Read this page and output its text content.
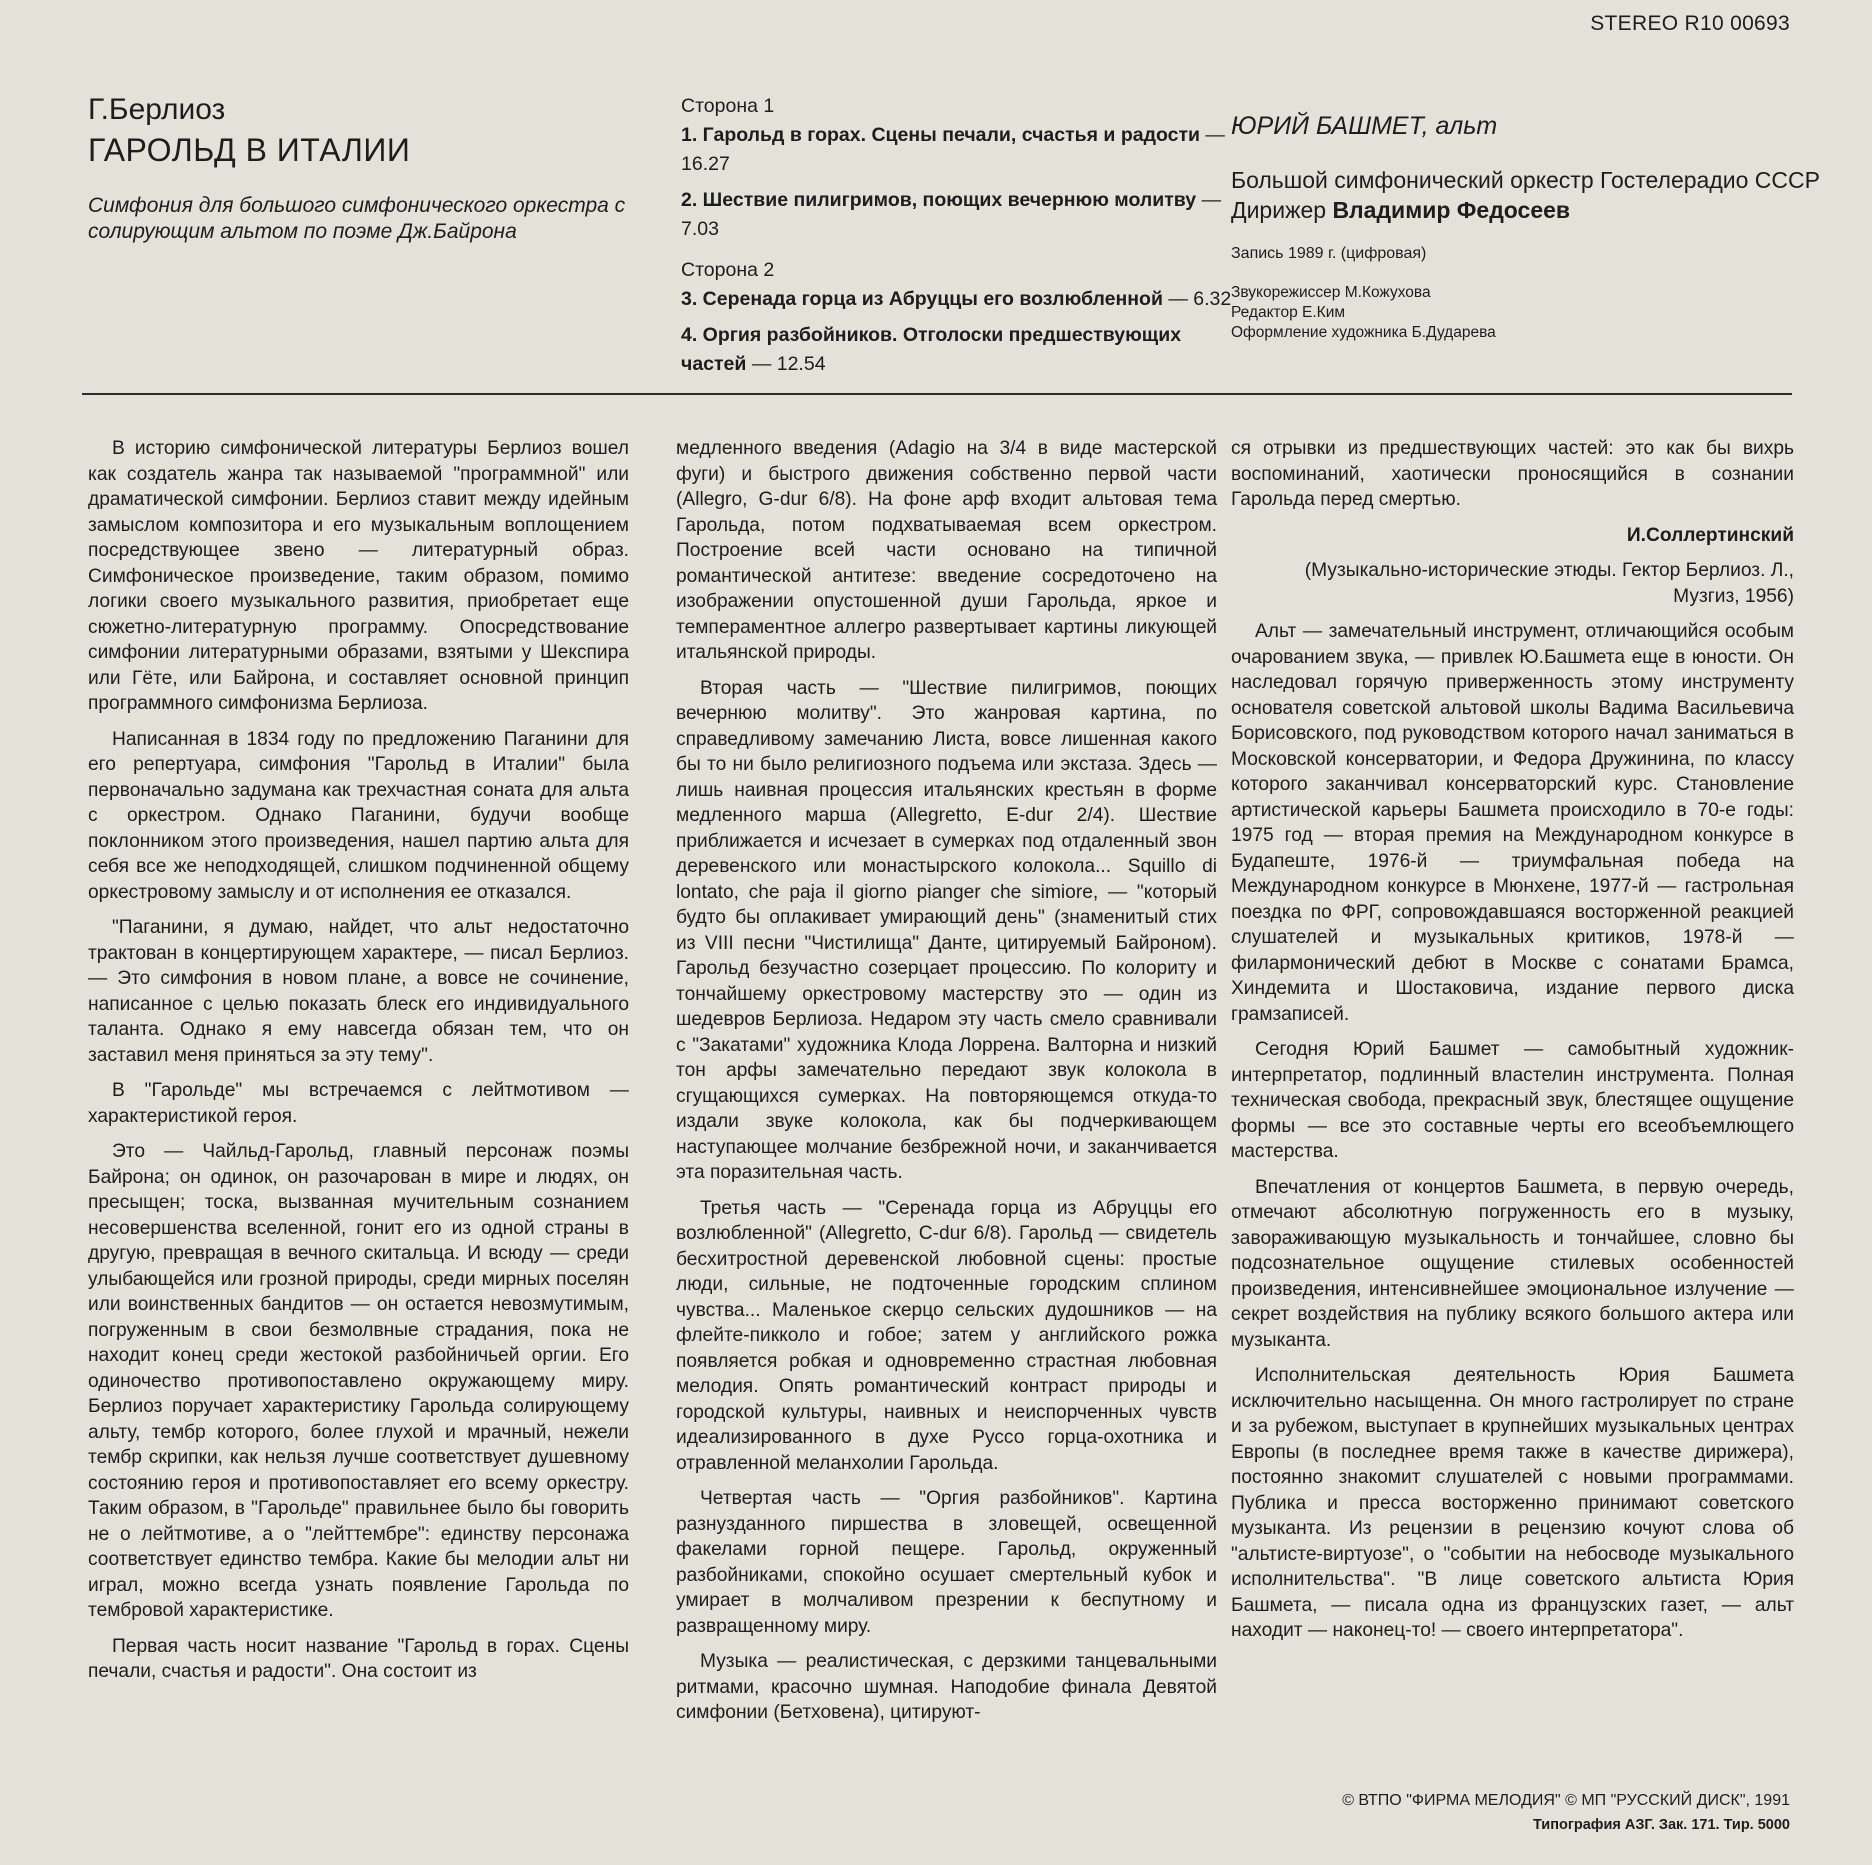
STEREO R10 00693
Г.Берлиоз
ГАРОЛЬД В ИТАЛИИ
Симфония для большого симфонического оркестра с солирующим альтом по поэме Дж.Байрона

Сторона 1

1. Гарольд в горах. Сцены печали, счастья и радости — 16.27

2. Шествие пилигримов, поющих вечернюю молитву — 7.03

Сторона 2

3. Серенада горца из Абруццы его возлюбленной — 6.32

4. Оргия разбойников. Отголоски предшествующих частей — 12.54

ЮРИЙ БАШМЕТ, альт
Большой симфонический оркестр Гостелерадио СССР
Дирижер Владимир Федосеев
Запись 1989 г. (цифровая)
Звукорежиссер М.Кожухова
Редактор Е.Ким
Оформление художника Б.Дударева

В историю симфонической литературы Берлиоз вошел как создатель жанра так называемой "программной" или драматической симфонии. Берлиоз ставит между идейным замыслом композитора и его музыкальным воплощением посредствующее звено — литературный образ. Симфоническое произведение, таким образом, помимо логики своего музыкального развития, приобретает еще сюжетно-литературную программу. Опосредствование симфонии литературными образами, взятыми у Шекспира или Гёте, или Байрона, и составляет основной принцип программного симфонизма Берлиоза.

Написанная в 1834 году по предложению Паганини для его репертуара, симфония "Гарольд в Италии" была первоначально задумана как трехчастная соната для альта с оркестром. Однако Паганини, будучи вообще поклонником этого произведения, нашел партию альта для себя все же неподходящей, слишком подчиненной общему оркестровому замыслу и от исполнения ее отказался.

"Паганини, я думаю, найдет, что альт недостаточно трактован в концертирующем характере, — писал Берлиоз. — Это симфония в новом плане, а вовсе не сочинение, написанное с целью показать блеск его индивидуального таланта. Однако я ему навсегда обязан тем, что он заставил меня приняться за эту тему".

В "Гарольде" мы встречаемся с лейтмотивом — характеристикой героя.

Это — Чайльд-Гарольд, главный персонаж поэмы Байрона; он одинок, он разочарован в мире и людях, он пресыщен; тоска, вызванная мучительным сознанием несовершенства вселенной, гонит его из одной страны в другую, превращая в вечного скитальца. И всюду — среди улыбающейся или грозной природы, среди мирных поселян или воинственных бандитов — он остается невозмутимым, погруженным в свои безмолвные страдания, пока не находит конец среди жестокой разбойничьей оргии. Его одиночество противопоставлено окружающему миру. Берлиоз поручает характеристику Гарольда солирующему альту, тембр которого, более глухой и мрачный, нежели тембр скрипки, как нельзя лучше соответствует душевному состоянию героя и противопоставляет его всему оркестру. Таким образом, в "Гарольде" правильнее было бы говорить не о лейтмотиве, а о "лейттембре": единству персонажа соответствует единство тембра. Какие бы мелодии альт ни играл, можно всегда узнать появление Гарольда по тембровой характеристике.

Первая часть носит название "Гарольд в горах. Сцены печали, счастья и радости". Она состоит из

медленного введения (Adagio на 3/4 в виде мастерской фуги) и быстрого движения собственно первой части (Allegro, G-dur 6/8). На фоне арф входит альтовая тема Гарольда, потом подхватываемая всем оркестром. Построение всей части основано на типичной романтической антитезе: введение сосредоточено на изображении опустошенной души Гарольда, яркое и темпераментное аллегро развертывает картины ликующей итальянской природы.

Вторая часть — "Шествие пилигримов, поющих вечернюю молитву". Это жанровая картина, по справедливому замечанию Листа, вовсе лишенная какого бы то ни было религиозного подъема или экстаза. Здесь — лишь наивная процессия итальянских крестьян в форме медленного марша (Allegretto, E-dur 2/4). Шествие приближается и исчезает в сумерках под отдаленный звон деревенского или монастырского колокола... Squillo di lontato, che paja il giorno pianger che simiore, — "который будто бы оплакивает умирающий день" (знаменитый стих из VIII песни "Чистилища" Данте, цитируемый Байроном). Гарольд безучастно созерцает процессию. По колориту и тончайшему оркестровому мастерству это — один из шедевров Берлиоза. Недаром эту часть смело сравнивали с "Закатами" художника Клода Лоррена. Валторна и низкий тон арфы замечательно передают звук колокола в сгущающихся сумерках. На повторяющемся откуда-то издали звуке колокола, как бы подчеркивающем наступающее молчание безбрежной ночи, и заканчивается эта поразительная часть.

Третья часть — "Серенада горца из Абруццы его возлюбленной" (Allegretto, C-dur 6/8). Гарольд — свидетель бесхитростной деревенской любовной сцены: простые люди, сильные, не подточенные городским сплином чувства... Маленькое скерцо сельских дудошников — на флейте-пикколо и гобое; затем у английского рожка появляется робкая и одновременно страстная любовная мелодия. Опять романтический контраст природы и городской культуры, наивных и неиспорченных чувств идеализированного в духе Руссо горца-охотника и отравленной меланхолии Гарольда.

Четвертая часть — "Оргия разбойников". Картина разнузданного пиршества в зловещей, освещенной факелами горной пещере. Гарольд, окруженный разбойниками, спокойно осушает смертельный кубок и умирает в молчаливом презрении к беспутному и развращенному миру.

Музыка — реалистическая, с дерзкими танцевальными ритмами, красочно шумная. Наподобие финала Девятой симфонии (Бетховена), цитируют-

ся отрывки из предшествующих частей: это как бы вихрь воспоминаний, хаотически проносящийся в сознании Гарольда перед смертью.

И.Соллертинский

(Музыкально-исторические этюды. Гектор Берлиоз. Л., Музгиз, 1956)

Альт — замечательный инструмент, отличающийся особым очарованием звука, — привлек Ю.Башмета еще в юности. Он наследовал горячую приверженность этому инструменту основателя советской альтовой школы Вадима Васильевича Борисовского, под руководством которого начал заниматься в Московской консерватории, и Федора Дружинина, по классу которого заканчивал консерваторский курс. Становление артистической карьеры Башмета происходило в 70-е годы: 1975 год — вторая премия на Международном конкурсе в Будапеште, 1976-й — триумфальная победа на Международном конкурсе в Мюнхене, 1977-й — гастрольная поездка по ФРГ, сопровождавшаяся восторженной реакцией слушателей и музыкальных критиков, 1978-й — филармонический дебют в Москве с сонатами Брамса, Хиндемита и Шостаковича, издание первого диска грамзаписей.

Сегодня Юрий Башмет — самобытный художник-интерпретатор, подлинный властелин инструмента. Полная техническая свобода, прекрасный звук, блестящее ощущение формы — все это составные черты его всеобъемлющего мастерства.

Впечатления от концертов Башмета, в первую очередь, отмечают абсолютную погруженность его в музыку, завораживающую музыкальность и тончайшее, словно бы подсознательное ощущение стилевых особенностей произведения, интенсивнейшее эмоциональное излучение — секрет воздействия на публику всякого большого актера или музыканта.

Исполнительская деятельность Юрия Башмета исключительно насыщенна. Он много гастролирует по стране и за рубежом, выступает в крупнейших музыкальных центрах Европы (в последнее время также в качестве дирижера), постоянно знакомит слушателей с новыми программами. Публика и пресса восторженно принимают советского музыканта. Из рецензии в рецензию кочуют слова об "альтисте-виртуозе", о "событии на небосводе музыкального исполнительства". "В лице советского альтиста Юрия Башмета, — писала одна из французских газет, — альт находит — наконец-то! — своего интерпретатора".

© ВТПО "ФИРМА МЕЛОДИЯ" © МП "РУССКИЙ ДИСК", 1991
Типография АЗГ. Зак. 171. Тир. 5000
